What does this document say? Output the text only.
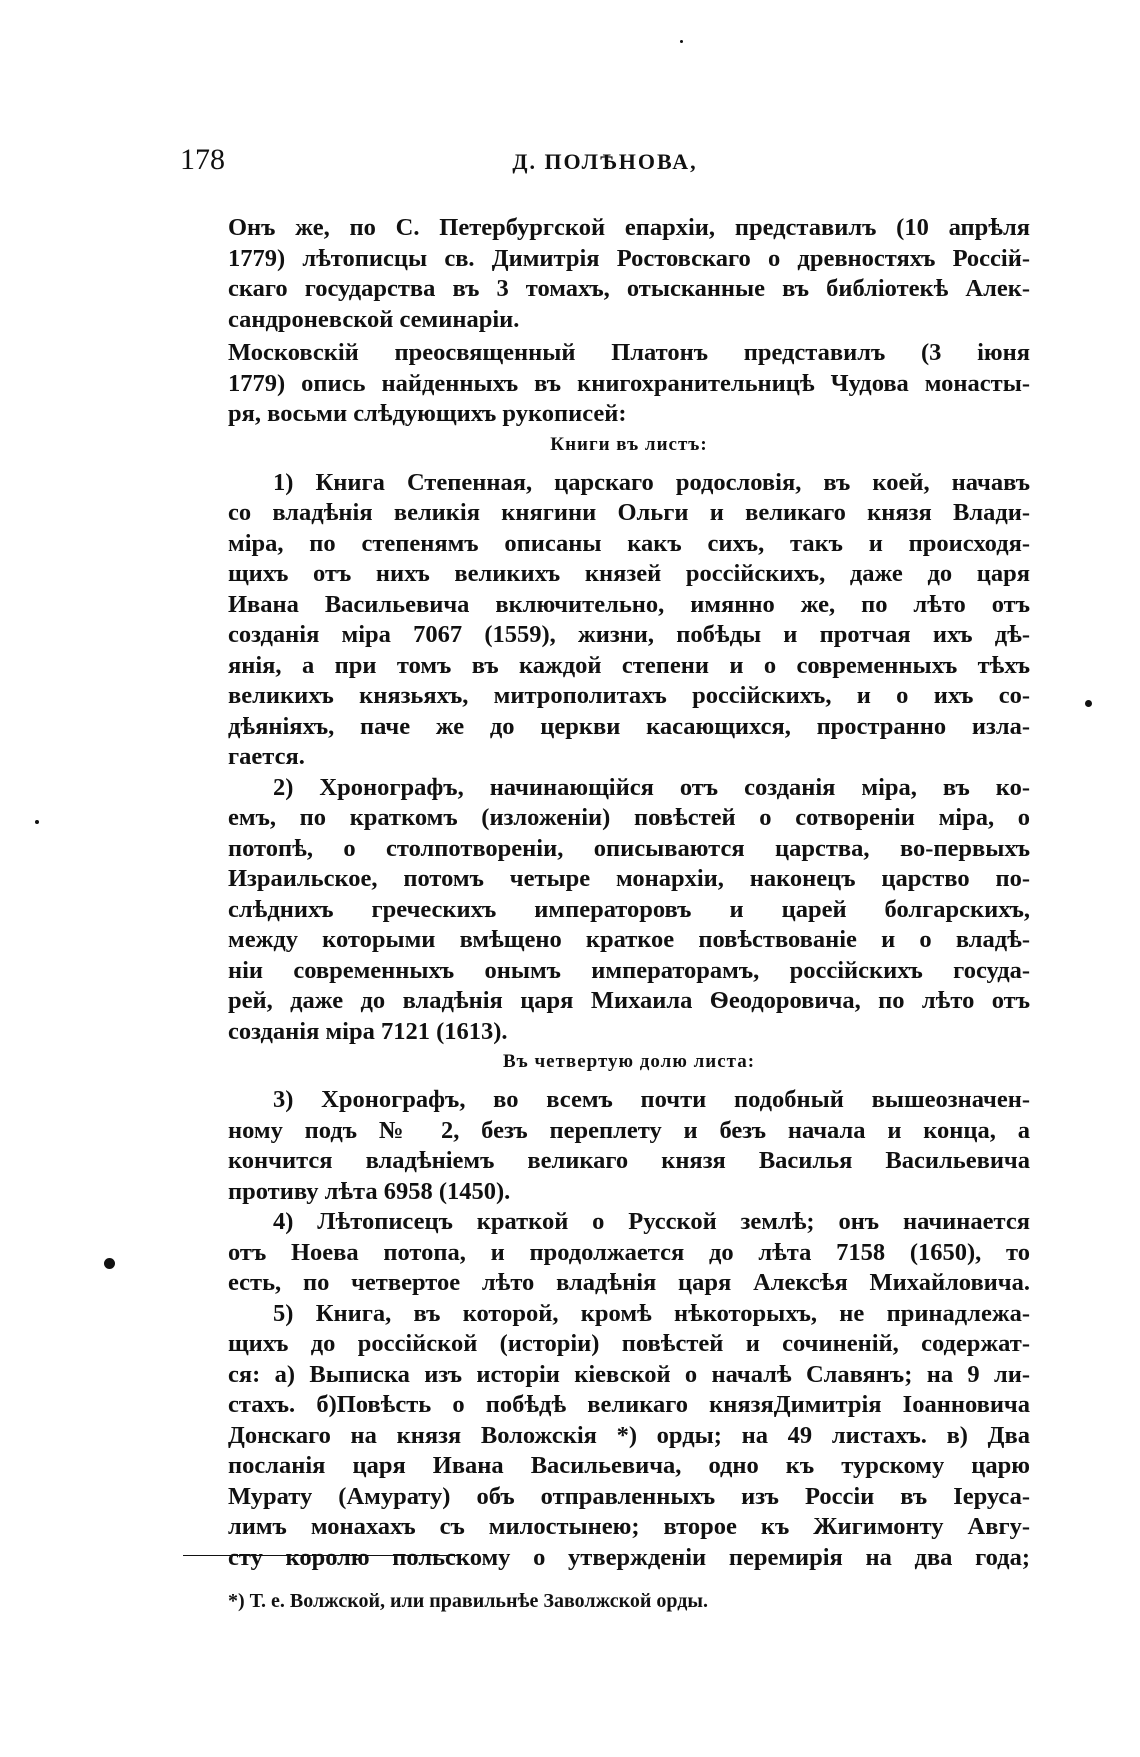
178	Д. ПОЛѢНОВА,
Онъ же, по С. Петербургской епархіи, представилъ (10 апрѣля
1779) лѣтописцы св. Димитрія Ростовскаго о древностяхъ Россій-
скаго государства въ 3 томахъ, отысканные въ библіотекѣ Алек-
сандроневской семинаріи.
Московскій преосвященный Платонъ представилъ (3 іюня
1779) опись найденныхъ въ книгохранительницѣ Чудова монасты-
ря, восьми слѣдующихъ рукописей:
Книги въ листъ:
1) Книга Степенная, царскаго родословія, въ коей, начавъ
со владѣнія великія княгини Ольги и великаго князя Влади-
міра, по степенямъ описаны какъ сихъ, такъ и происходя-
щихъ отъ нихъ великихъ князей россійскихъ, даже до царя
Ивана Васильевича включительно, имянно же, по лѣто отъ
созданія міра 7067 (1559), жизни, побѣды и протчая ихъ дѣ-
янія, а при томъ въ каждой степени и о современныхъ тѣхъ
великихъ князьяхъ, митрополитахъ россійскихъ, и о ихъ со-
дѣяніяхъ, паче же до церкви касающихся, пространно изла-
гается.
2) Хронографъ, начинающійся отъ созданія міра, въ ко-
емъ, по краткомъ (изложеніи) повѣстей о сотвореніи міра, о
потопѣ, о столпотвореніи, описываются царства, во-первыхъ
Израильское, потомъ четыре монархіи, наконецъ царство по-
слѣднихъ греческихъ императоровъ и царей болгарскихъ,
между которыми вмѣщено краткое повѣствованіе и о владѣ-
ніи современныхъ онымъ императорамъ, россійскихъ госуда-
рей, даже до владѣнія царя Михаила Ѳеодоровича, по лѣто отъ
созданія міра 7121 (1613).
Въ четвертую долю листа:
3) Хронографъ, во всемъ почти подобный вышеозначен-
ному подъ № 2, безъ переплету и безъ начала и конца, а
кончится владѣніемъ великаго князя Василья Васильевича
противу лѣта 6958 (1450).
4) Лѣтописецъ краткой о Русской землѣ; онъ начинается
отъ Ноева потопа, и продолжается до лѣта 7158 (1650), то
есть, по четвертое лѣто владѣнія царя Алексѣя Михайловича.
5) Книга, въ которой, кромѣ нѣкоторыхъ, не принадлежа-
щихъ до россійской (исторіи) повѣстей и сочиненій, содержат-
ся: а) Выписка изъ исторіи кіевской о началѣ Славянъ; на 9 ли-
стахъ. б)Повѣсть о побѣдѣ великаго князяДимитрія Іоанновича
Донскаго на князя Воложскія *) орды; на 49 листахъ. в) Два
посланія царя Ивана Васильевича, одно къ турскому царю
Мурату (Амурату) объ отправленныхъ изъ Россіи въ Іеруса-
лимъ монахахъ съ милостынею; второе къ Жигимонту Авгу-
сту королю польскому о утвержденіи перемирія на два года;
*) Т. е. Волжской, или правильнѣе Заволжской орды.
